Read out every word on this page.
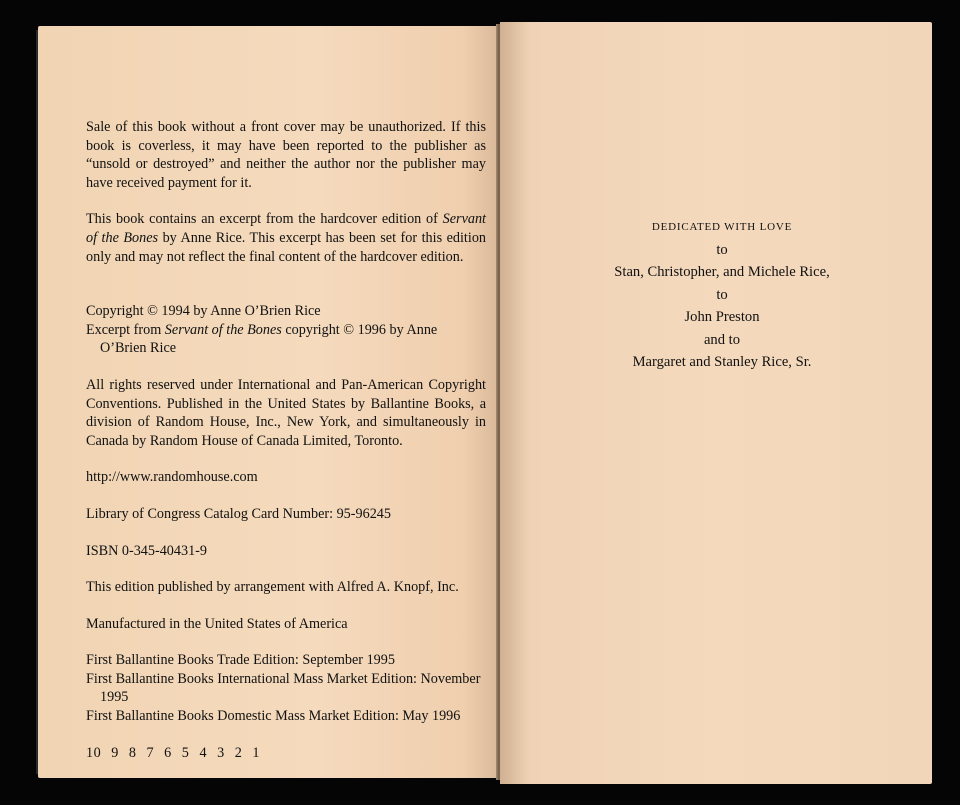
Sale of this book without a front cover may be unauthorized. If this book is coverless, it may have been reported to the publisher as “unsold or destroyed” and neither the author nor the publisher may have received payment for it.

This book contains an excerpt from the hardcover edition of Servant of the Bones by Anne Rice. This excerpt has been set for this edition only and may not reflect the final content of the hardcover edition.

Copyright © 1994 by Anne O’Brien Rice

Excerpt from Servant of the Bones copyright © 1996 by Anne O’Brien Rice

All rights reserved under International and Pan-American Copyright Conventions. Published in the United States by Ballantine Books, a division of Random House, Inc., New York, and simultaneously in Canada by Random House of Canada Limited, Toronto.

http://www.randomhouse.com

Library of Congress Catalog Card Number: 95-96245

ISBN 0-345-40431-9

This edition published by arrangement with Alfred A. Knopf, Inc.

Manufactured in the United States of America

First Ballantine Books Trade Edition: September 1995

First Ballantine Books International Mass Market Edition: November 1995

First Ballantine Books Domestic Mass Market Edition: May 1996

10 9 8 7 6 5 4 3 2 1

DEDICATED WITH LOVE
to
Stan, Christopher, and Michele Rice,
to
John Preston
and to
Margaret and Stanley Rice, Sr.
